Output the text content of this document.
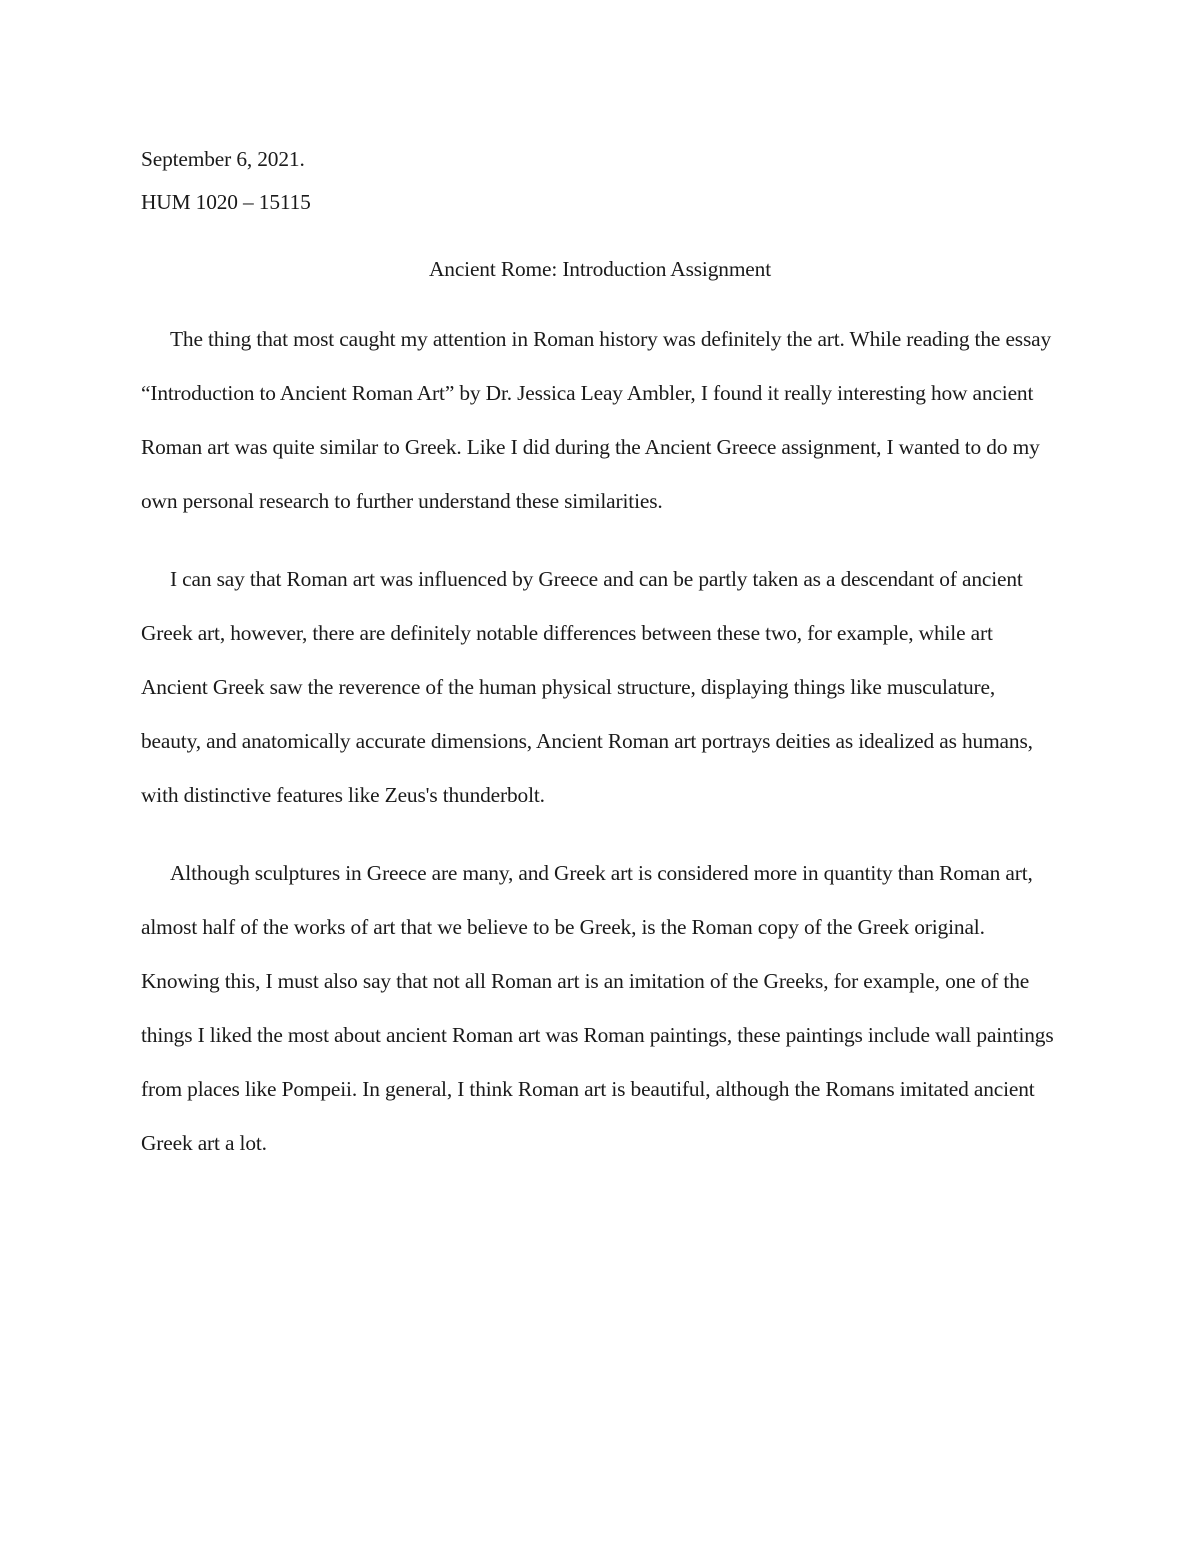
September 6, 2021.

HUM 1020 – 15115

Ancient Rome: Introduction Assignment

The thing that most caught my attention in Roman history was definitely the art. While reading the essay “Introduction to Ancient Roman Art” by Dr. Jessica Leay Ambler, I found it really interesting how ancient Roman art was quite similar to Greek. Like I did during the Ancient Greece assignment, I wanted to do my own personal research to further understand these similarities.

I can say that Roman art was influenced by Greece and can be partly taken as a descendant of ancient Greek art, however, there are definitely notable differences between these two, for example, while art Ancient Greek saw the reverence of the human physical structure, displaying things like musculature, beauty, and anatomically accurate dimensions, Ancient Roman art portrays deities as idealized as humans, with distinctive features like Zeus's thunderbolt.

Although sculptures in Greece are many, and Greek art is considered more in quantity than Roman art, almost half of the works of art that we believe to be Greek, is the Roman copy of the Greek original. Knowing this, I must also say that not all Roman art is an imitation of the Greeks, for example, one of the things I liked the most about ancient Roman art was Roman paintings, these paintings include wall paintings from places like Pompeii. In general, I think Roman art is beautiful, although the Romans imitated ancient Greek art a lot.
